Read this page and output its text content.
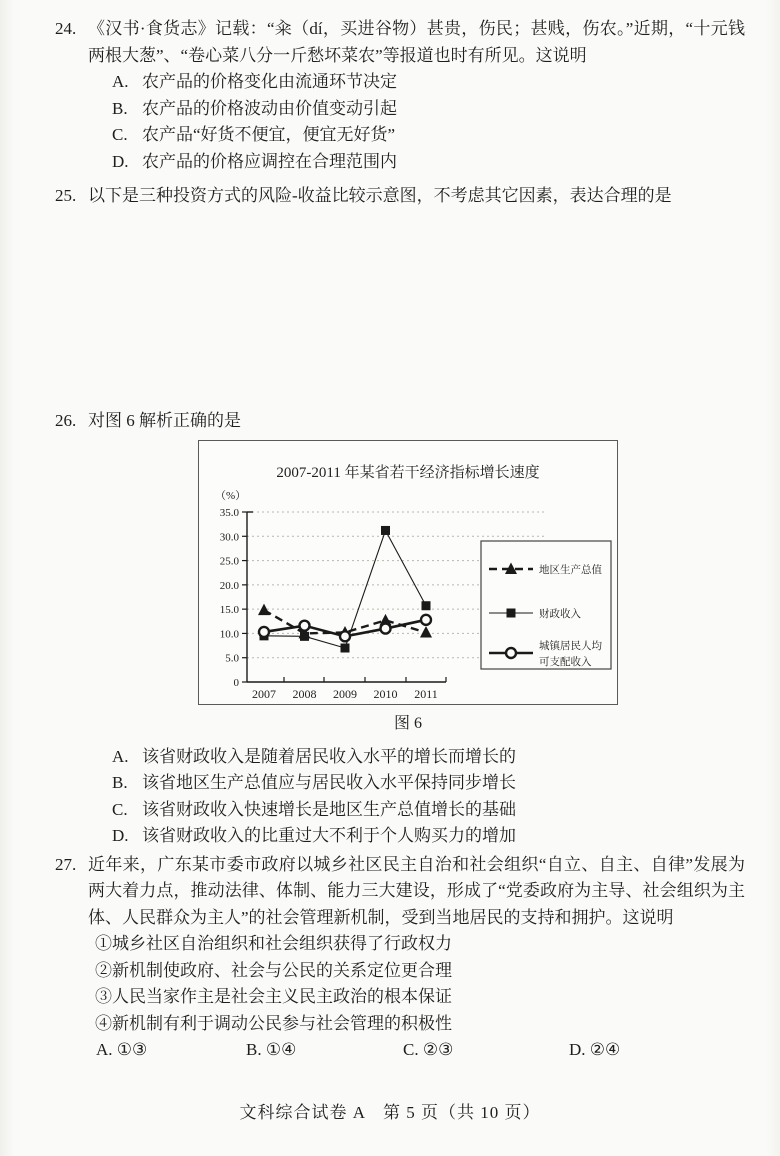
24. 《汉书·食货志》记载：“籴（dí，买进谷物）甚贵，伤民；甚贱，伤农。”近期，“十元钱两根大葱”、“卷心菜八分一斤愁坏菜农”等报道也时有所见。这说明
A. 农产品的价格变化由流通环节决定
B. 农产品的价格波动由价值变动引起
C. 农产品“好货不便宜，便宜无好货”
D. 农产品的价格应调控在合理范围内
25. 以下是三种投资方式的风险-收益比较示意图，不考虑其它因素，表达合理的是
26. 对图 6 解析正确的是
2007-2011 年某省若干经济指标增长速度
（%）
0
5.0
10.0
15.0
20.0
25.0
30.0
35.0
2007 2008 2009 2010 2011
地区生产总值
财政收入
城镇居民人均
可支配收入
图 6
A. 该省财政收入是随着居民收入水平的增长而增长的
B. 该省地区生产总值应与居民收入水平保持同步增长
C. 该省财政收入快速增长是地区生产总值增长的基础
D. 该省财政收入的比重过大不利于个人购买力的增加
27. 近年来，广东某市委市政府以城乡社区民主自治和社会组织“自立、自主、自律”发展为两大着力点，推动法律、体制、能力三大建设，形成了“党委政府为主导、社会组织为主体、人民群众为主人”的社会管理新机制，受到当地居民的支持和拥护。这说明
①城乡社区自治组织和社会组织获得了行政权力
②新机制使政府、社会与公民的关系定位更合理
③人民当家作主是社会主义民主政治的根本保证
④新机制有利于调动公民参与社会管理的积极性
A. ①③	B. ①④	C. ②③	D. ②④
文科综合试卷 A　第 5 页（共 10 页）
